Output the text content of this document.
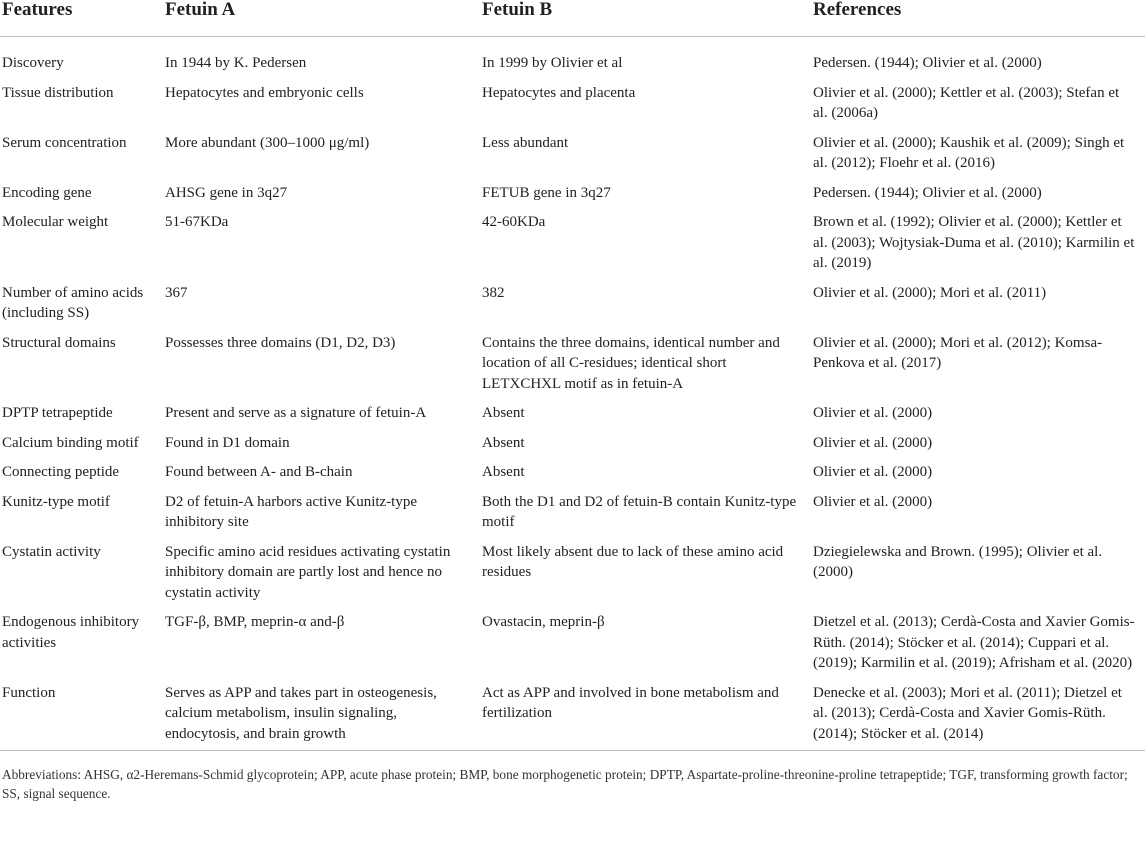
Features	Fetuin A	Fetuin B	References
Discovery	In 1944 by K. Pedersen	In 1999 by Olivier et al	Pedersen. (1944); Olivier et al. (2000)
Tissue distribution	Hepatocytes and embryonic cells	Hepatocytes and placenta	Olivier et al. (2000); Kettler et al. (2003); Stefan et al. (2006a)
Serum concentration	More abundant (300–1000 μg/ml)	Less abundant	Olivier et al. (2000); Kaushik et al. (2009); Singh et al. (2012); Floehr et al. (2016)
Encoding gene	AHSG gene in 3q27	FETUB gene in 3q27	Pedersen. (1944); Olivier et al. (2000)
Molecular weight	51-67KDa	42-60KDa	Brown et al. (1992); Olivier et al. (2000); Kettler et al. (2003); Wojtysiak-Duma et al. (2010); Karmilin et al. (2019)
Number of amino acids (including SS)	367	382	Olivier et al. (2000); Mori et al. (2011)
Structural domains	Possesses three domains (D1, D2, D3)	Contains the three domains, identical number and location of all C-residues; identical short LETXCHXL motif as in fetuin-A	Olivier et al. (2000); Mori et al. (2012); Komsa-Penkova et al. (2017)
DPTP tetrapeptide	Present and serve as a signature of fetuin-A	Absent	Olivier et al. (2000)
Calcium binding motif	Found in D1 domain	Absent	Olivier et al. (2000)
Connecting peptide	Found between A- and B-chain	Absent	Olivier et al. (2000)
Kunitz-type motif	D2 of fetuin-A harbors active Kunitz-type inhibitory site	Both the D1 and D2 of fetuin-B contain Kunitz-type motif	Olivier et al. (2000)
Cystatin activity	Specific amino acid residues activating cystatin inhibitory domain are partly lost and hence no cystatin activity	Most likely absent due to lack of these amino acid residues	Dziegielewska and Brown. (1995); Olivier et al. (2000)
Endogenous inhibitory activities	TGF-β, BMP, meprin-α and-β	Ovastacin, meprin-β	Dietzel et al. (2013); Cerdà-Costa and Xavier Gomis-Rüth. (2014); Stöcker et al. (2014); Cuppari et al. (2019); Karmilin et al. (2019); Afrisham et al. (2020)
Function	Serves as APP and takes part in osteogenesis, calcium metabolism, insulin signaling, endocytosis, and brain growth	Act as APP and involved in bone metabolism and fertilization	Denecke et al. (2003); Mori et al. (2011); Dietzel et al. (2013); Cerdà-Costa and Xavier Gomis-Rüth. (2014); Stöcker et al. (2014)
Abbreviations: AHSG, α2-Heremans-Schmid glycoprotein; APP, acute phase protein; BMP, bone morphogenetic protein; DPTP, Aspartate-proline-threonine-proline tetrapeptide; TGF, transforming growth factor; SS, signal sequence.
